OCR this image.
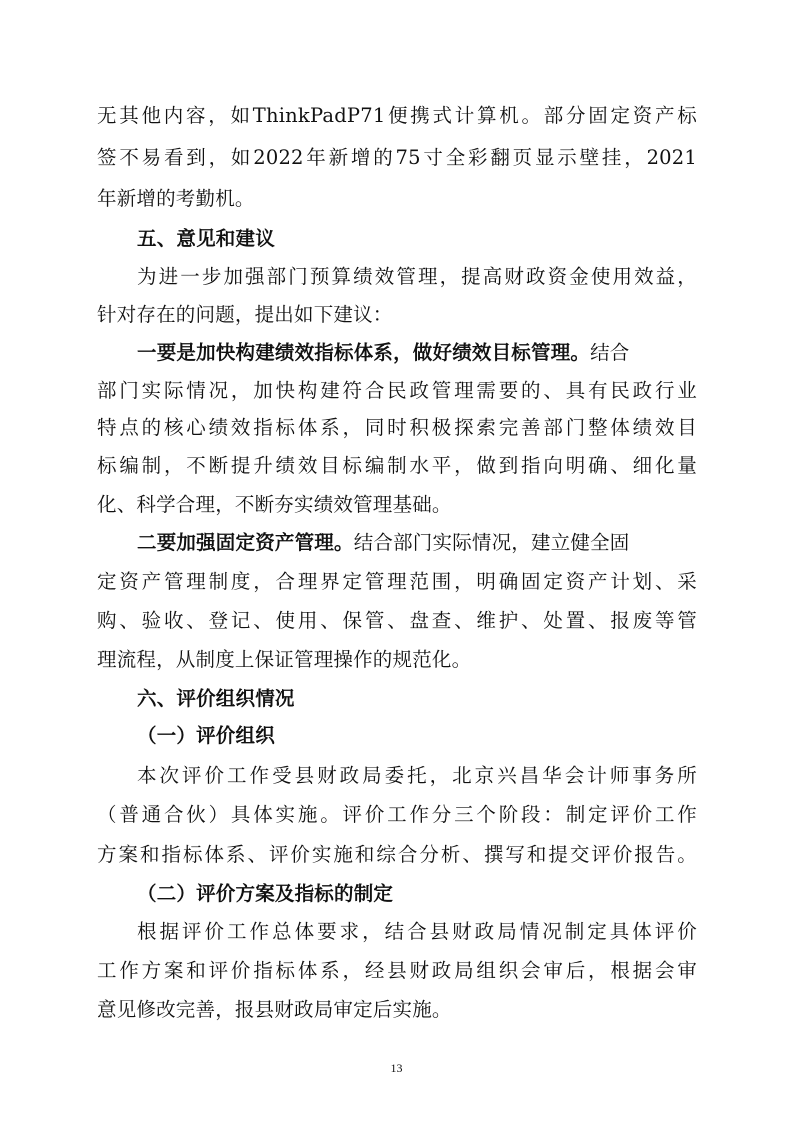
无其他内容，如ThinkPadP71便携式计算机。部分固定资产标
签不易看到，如2022年新增的75寸全彩翻页显示壁挂，2021
年新增的考勤机。
五、意见和建议
为进一步加强部门预算绩效管理，提高财政资金使用效益，
针对存在的问题，提出如下建议：
一要是加快构建绩效指标体系，做好绩效目标管理。结合
部门实际情况，加快构建符合民政管理需要的、具有民政行业
特点的核心绩效指标体系，同时积极探索完善部门整体绩效目
标编制，不断提升绩效目标编制水平，做到指向明确、细化量
化、科学合理，不断夯实绩效管理基础。
二要加强固定资产管理。结合部门实际情况，建立健全固
定资产管理制度，合理界定管理范围，明确固定资产计划、采
购、验收、登记、使用、保管、盘查、维护、处置、报废等管
理流程，从制度上保证管理操作的规范化。
六、评价组织情况
（一）评价组织
本次评价工作受县财政局委托，北京兴昌华会计师事务所
（普通合伙）具体实施。评价工作分三个阶段：制定评价工作
方案和指标体系、评价实施和综合分析、撰写和提交评价报告。
（二）评价方案及指标的制定
根据评价工作总体要求，结合县财政局情况制定具体评价
工作方案和评价指标体系，经县财政局组织会审后，根据会审
意见修改完善，报县财政局审定后实施。
13
